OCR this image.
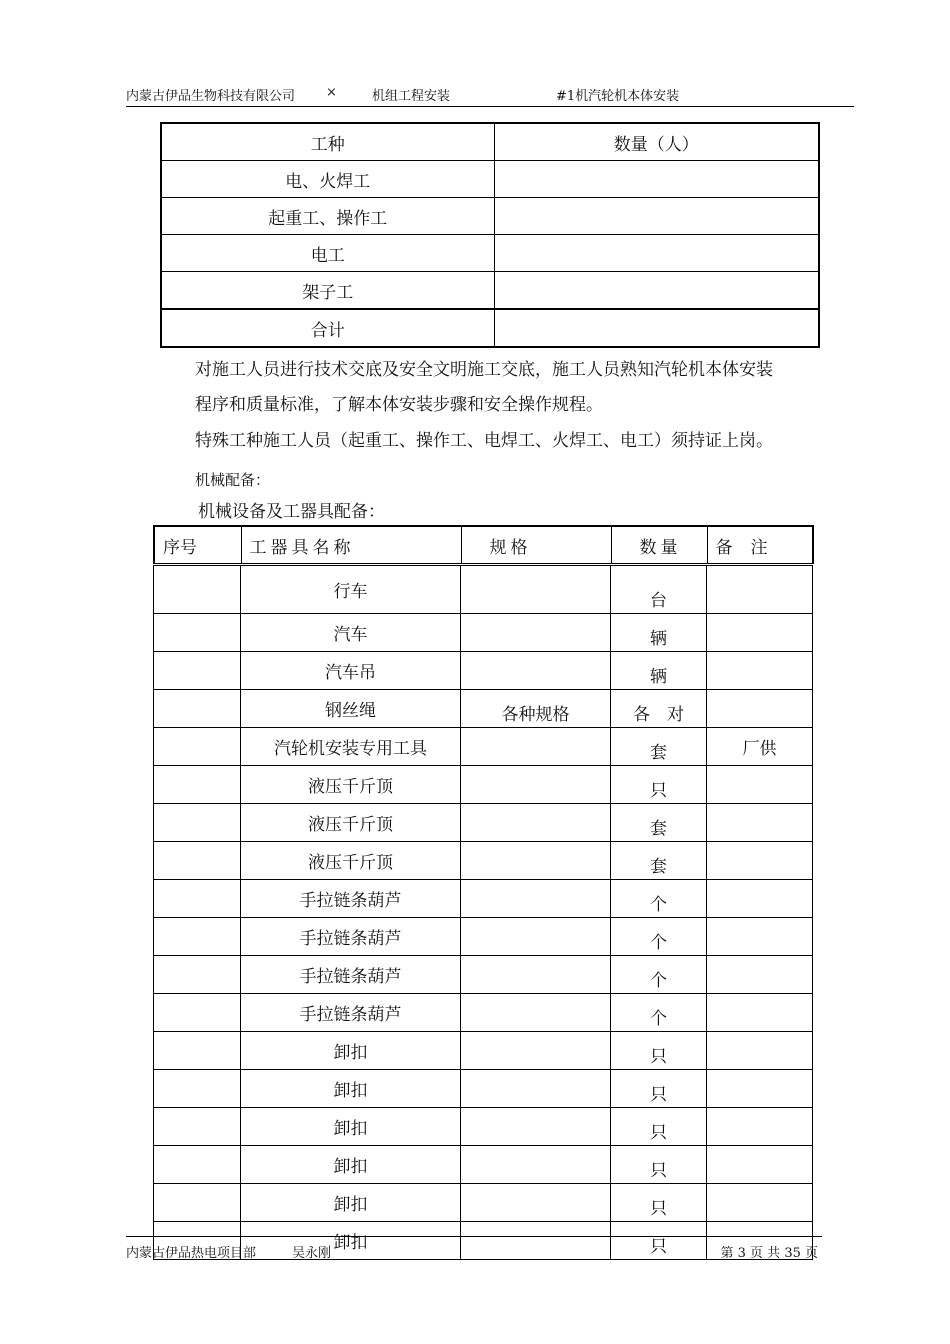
内蒙古伊品生物科技有限公司 ×	机组工程安装	#1机汽轮机本体安装
工种	数量（人）
电、火焊工	
起重工、操作工	
电工	
架子工	
合计	
对施工人员进行技术交底及安全文明施工交底，施工人员熟知汽轮机本体安装
程序和质量标准，了解本体安装步骤和安全操作规程。
特殊工种施工人员（起重工、操作工、电焊工、火焊工、电工）须持证上岗。
机械配备：
机械设备及工器具配备：
序号	工器具名称	规格	数量	备注
	行车		台	
	汽车		辆	
	汽车吊		辆	
	钢丝绳	各种规格	各　对	
	汽轮机安装专用工具		套	厂供
	液压千斤顶		只	
	液压千斤顶		套	
	液压千斤顶		套	
	手拉链条葫芦		个	
	手拉链条葫芦		个	
	手拉链条葫芦		个	
	手拉链条葫芦		个	
	卸扣		只	
	卸扣		只	
	卸扣		只	
	卸扣		只	
	卸扣		只	
	卸扣		只	
内蒙古伊品热电项目部	吴永刚	第 3 页 共 35 页
